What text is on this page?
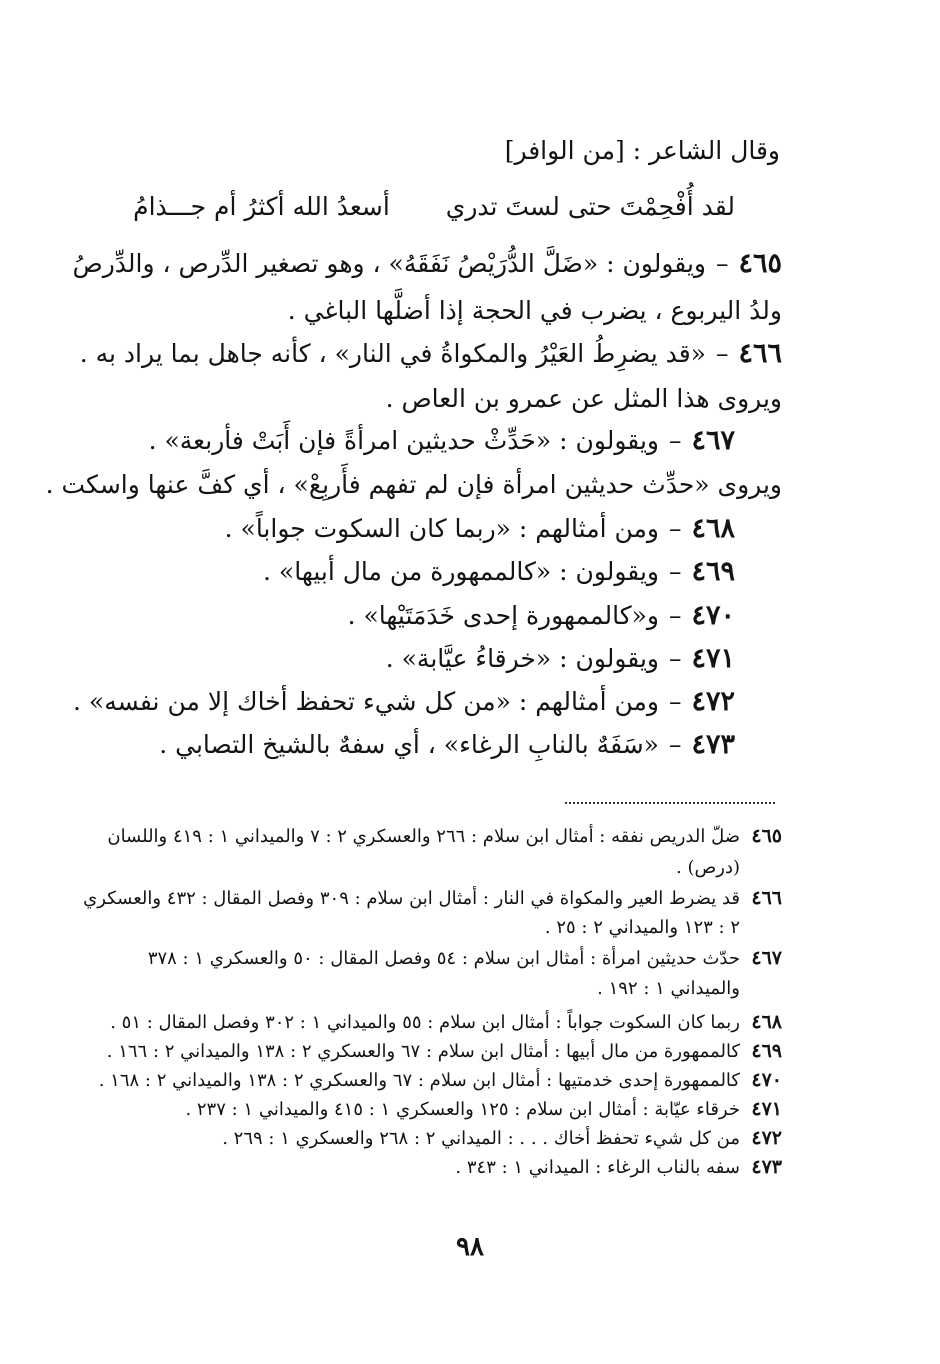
وقال الشاعر : [من الوافر]
لقد أُفْحِمْتَ حتى لستَ تدري أسعدُ الله أكثرُ أم جـــذامُ
٤٦٥–ويقولون : «ضَلَّ الدُّرَيْصُ نَفَقَهُ» ، وهو تصغير الدِّرص ، والدِّرصُ
ولدُ اليربوع ، يضرب في الحجة إذا أضلَّها الباغي .
٤٦٦–«قد يضرِطُ العَيْرُ والمكواةُ في النار» ، كأنه جاهل بما يراد به .
ويروى هذا المثل عن عمرو بن العاص .
٤٦٧–ويقولون : «حَدِّثْ حديثين امرأةً فإن أَبَتْ فأربعة» .
ويروى «حدِّث حديثين امرأة فإن لم تفهم فأَربِعْ» ، أي كفَّ عنها واسكت .
٤٦٨–ومن أمثالهم : «ربما كان السكوت جواباً» .
٤٦٩–ويقولون : «كالممهورة من مال أبيها» .
٤٧٠–و«كالممهورة إحدى خَدَمَتَيْها» .
٤٧١–ويقولون : «خرقاءُ عيَّابة» .
٤٧٢–ومن أمثالهم : «من كل شيء تحفظ أخاك إلا من نفسه» .
٤٧٣–«سَفَهٌ بالنابِ الرغاء» ، أي سفهٌ بالشيخ التصابي .
٤٦٥ضلّ الدريص نفقه : أمثال ابن سلام : ٢٦٦ والعسكري ٢ : ٧ والميداني ١ : ٤١٩ واللسان
(درص) .
٤٦٦قد يضرط العير والمكواة في النار : أمثال ابن سلام : ٣٠٩ وفصل المقال : ٤٣٢ والعسكري
٢ : ١٢٣ والميداني ٢ : ٢٥ .
٤٦٧حدّث حديثين امرأة : أمثال ابن سلام : ٥٤ وفصل المقال : ٥٠ والعسكري ١ : ٣٧٨
والميداني ١ : ١٩٢ .
٤٦٨ربما كان السكوت جواباً : أمثال ابن سلام : ٥٥ والميداني ١ : ٣٠٢ وفصل المقال : ٥١ .
٤٦٩كالممهورة من مال أبيها : أمثال ابن سلام : ٦٧ والعسكري ٢ : ١٣٨ والميداني ٢ : ١٦٦ .
٤٧٠كالممهورة إحدى خدمتيها : أمثال ابن سلام : ٦٧ والعسكري ٢ : ١٣٨ والميداني ٢ : ١٦٨ .
٤٧١خرقاء عيّابة : أمثال ابن سلام : ١٢٥ والعسكري ١ : ٤١٥ والميداني ١ : ٢٣٧ .
٤٧٢من كل شيء تحفظ أخاك . . . : الميداني ٢ : ٢٦٨ والعسكري ١ : ٢٦٩ .
٤٧٣سفه بالناب الرغاء : الميداني ١ : ٣٤٣ .
٩٨
